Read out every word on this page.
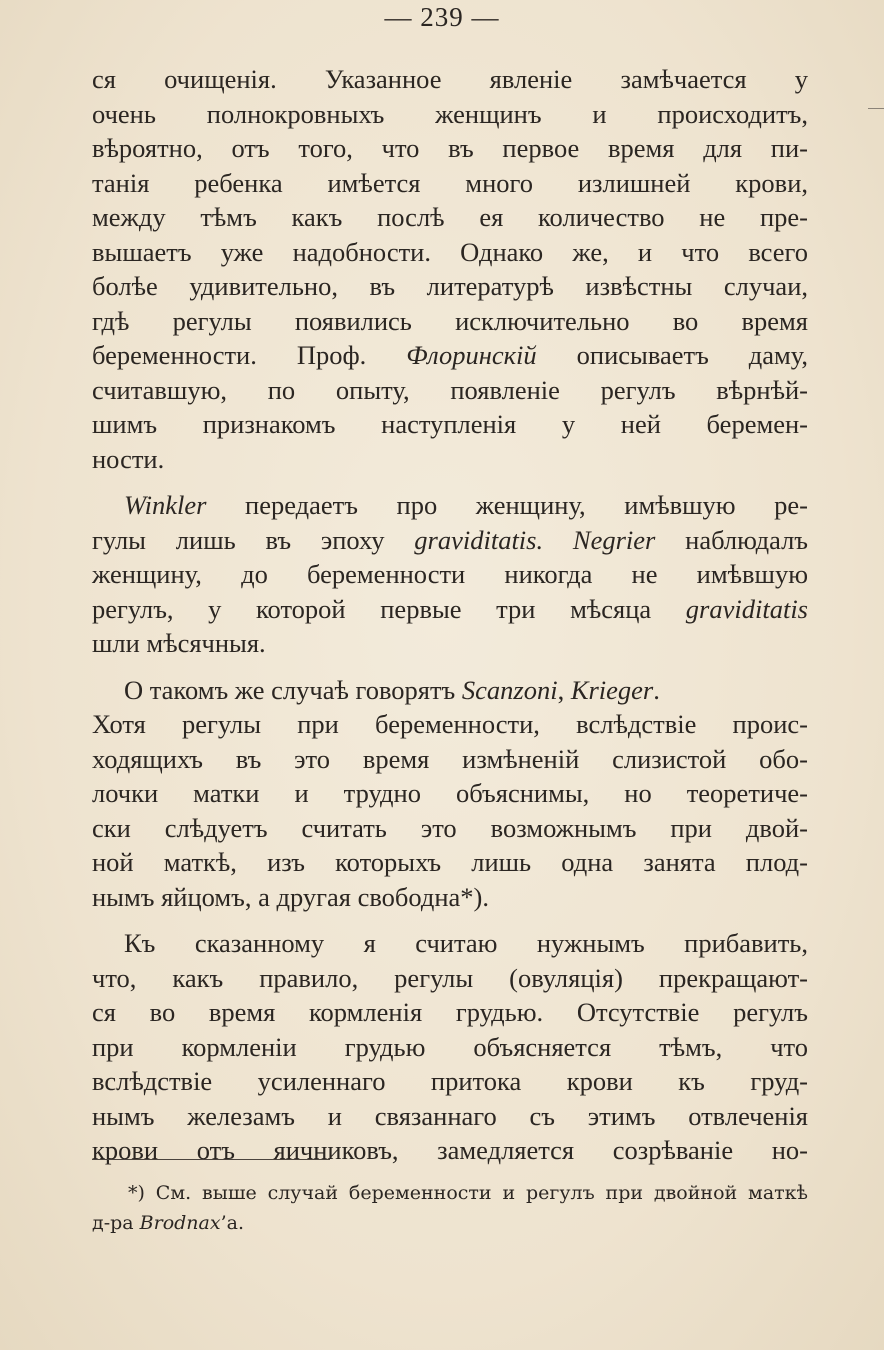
— 239 —
ся очищенія. Указанное явленіе замѣчается у
очень полнокровныхъ женщинъ и происходитъ,
вѣроятно, отъ того, что въ первое время для пи-
танія ребенка имѣется много излишней крови,
между тѣмъ какъ послѣ ея количество не пре-
вышаетъ уже надобности. Однако же, и что всего
болѣе удивительно, въ литературѣ извѣстны случаи,
гдѣ регулы появились исключительно во время
беременности. Проф. Флоринскій описываетъ даму,
считавшую, по опыту, появленіе регулъ вѣрнѣй-
шимъ признакомъ наступленія у ней беремен-
ности.
Winkler передаетъ про женщину, имѣвшую ре-
гулы лишь въ эпоху graviditatis. Negrier наблюдалъ
женщину, до беременности никогда не имѣвшую
регулъ, у которой первые три мѣсяца graviditatis
шли мѣсячныя.
О такомъ же случаѣ говорятъ Scanzoni, Krieger.
Хотя регулы при беременности, вслѣдствіе проис-
ходящихъ въ это время измѣненій слизистой обо-
лочки матки и трудно объяснимы, но теоретиче-
ски слѣдуетъ считать это возможнымъ при двой-
ной маткѣ, изъ которыхъ лишь одна занята плод-
нымъ яйцомъ, а другая свободна*).
Къ сказанному я считаю нужнымъ прибавить,
что, какъ правило, регулы (овуляція) прекращают-
ся во время кормленія грудью. Отсутствіе регулъ
при кормленіи грудью объясняется тѣмъ, что
вслѣдствіе усиленнаго притока крови къ груд-
нымъ железамъ и связаннаго съ этимъ отвлеченія
крови отъ яичниковъ, замедляется созрѣваніе но-
*) См. выше случай беременности и регулъ при двойной маткѣ
д-ра Brodnax’а.
